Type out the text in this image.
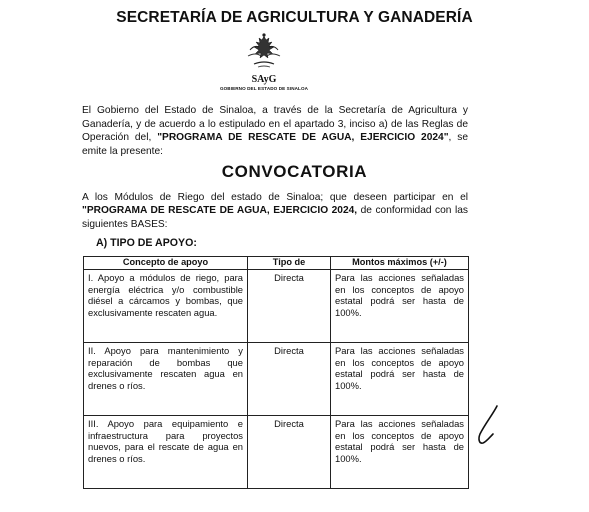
SECRETARÍA DE AGRICULTURA Y GANADERÍA
SAyG
GOBIERNO DEL ESTADO DE SINALOA
El Gobierno del Estado de Sinaloa, a través de la Secretaría de Agricultura y Ganadería, y de acuerdo a lo estipulado en el apartado 3, inciso a) de las Reglas de Operación del, "PROGRAMA DE RESCATE DE AGUA, EJERCICIO 2024", se emite la presente:
CONVOCATORIA
A los Módulos de Riego del estado de Sinaloa; que deseen participar en el "PROGRAMA DE RESCATE DE AGUA, EJERCICIO 2024, de conformidad con las siguientes BASES:
A) TIPO DE APOYO:
Concepto de apoyo	Tipo de	Montos máximos (+/-)
I. Apoyo a módulos de riego, para energía eléctrica y/o combustible diésel a cárcamos y bombas, que exclusivamente rescaten agua.	Directa	Para las acciones señaladas en los conceptos de apoyo estatal podrá ser hasta de 100%.
II. Apoyo para mantenimiento y reparación de bombas que exclusivamente rescaten agua en drenes o ríos.	Directa	Para las acciones señaladas en los conceptos de apoyo estatal podrá ser hasta de 100%.
III. Apoyo para equipamiento e infraestructura para proyectos nuevos, para el rescate de agua en drenes o ríos.	Directa	Para las acciones señaladas en los conceptos de apoyo estatal podrá ser hasta de 100%.
